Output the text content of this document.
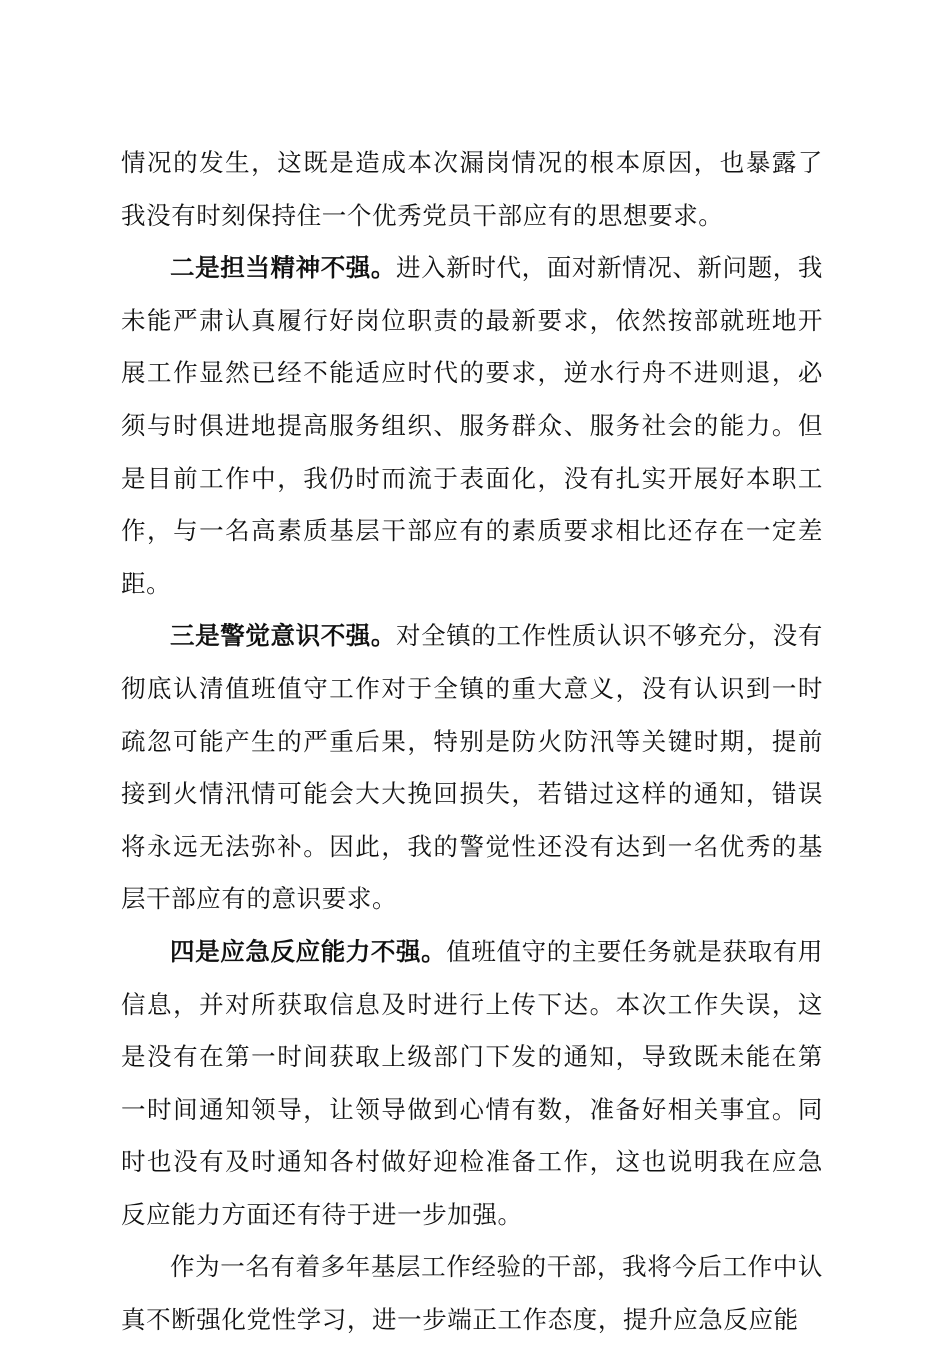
情况的发生，这既是造成本次漏岗情况的根本原因，也暴露了我没有时刻保持住一个优秀党员干部应有的思想要求。

二是担当精神不强。进入新时代，面对新情况、新问题，我未能严肃认真履行好岗位职责的最新要求，依然按部就班地开展工作显然已经不能适应时代的要求，逆水行舟不进则退，必须与时俱进地提高服务组织、服务群众、服务社会的能力。但是目前工作中，我仍时而流于表面化，没有扎实开展好本职工作，与一名高素质基层干部应有的素质要求相比还存在一定差距。

三是警觉意识不强。对全镇的工作性质认识不够充分，没有彻底认清值班值守工作对于全镇的重大意义，没有认识到一时疏忽可能产生的严重后果，特别是防火防汛等关键时期，提前接到火情汛情可能会大大挽回损失，若错过这样的通知，错误将永远无法弥补。因此，我的警觉性还没有达到一名优秀的基层干部应有的意识要求。

四是应急反应能力不强。值班值守的主要任务就是获取有用信息，并对所获取信息及时进行上传下达。本次工作失误，这是没有在第一时间获取上级部门下发的通知，导致既未能在第一时间通知领导，让领导做到心情有数，准备好相关事宜。同时也没有及时通知各村做好迎检准备工作，这也说明我在应急反应能力方面还有待于进一步加强。

作为一名有着多年基层工作经验的干部，我将今后工作中认真不断强化党性学习，进一步端正工作态度，提升应急反应能
